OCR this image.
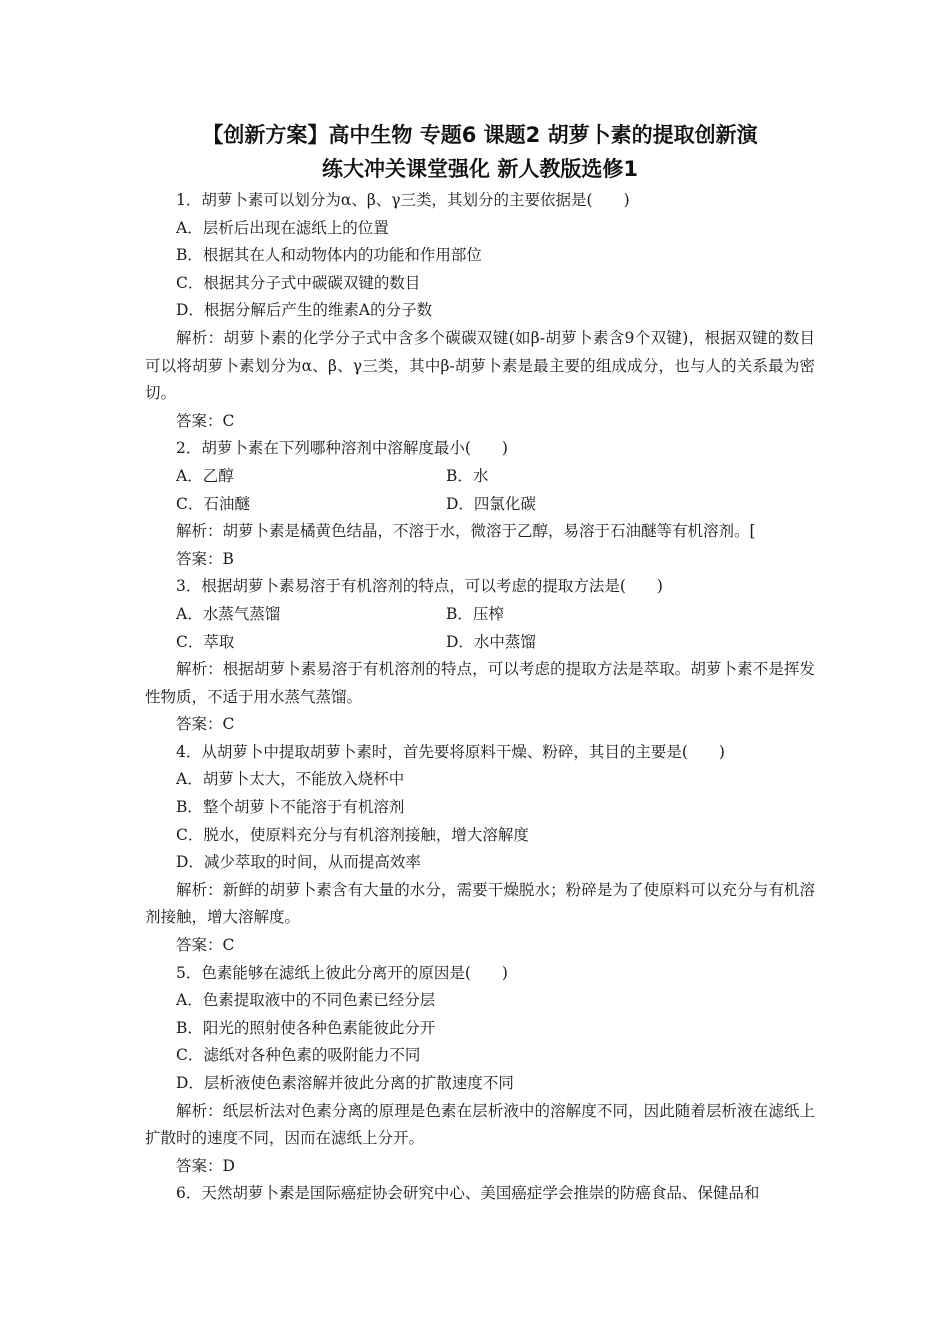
【创新方案】高中生物 专题6 课题2 胡萝卜素的提取创新演
练大冲关课堂强化 新人教版选修1

1．胡萝卜素可以划分为α、β、γ三类，其划分的主要依据是(　　)

A．层析后出现在滤纸上的位置

B．根据其在人和动物体内的功能和作用部位

C．根据其分子式中碳碳双键的数目

D．根据分解后产生的维素A的分子数

解析：胡萝卜素的化学分子式中含多个碳碳双键(如β-胡萝卜素含9个双键)，根据双键的数目可以将胡萝卜素划分为α、β、γ三类，其中β-胡萝卜素是最主要的组成成分，也与人的关系最为密切。

答案：C

2．胡萝卜素在下列哪种溶剂中溶解度最小(　　)

A．乙醇	B．水
C．石油醚	D．四氯化碳

解析：胡萝卜素是橘黄色结晶，不溶于水，微溶于乙醇，易溶于石油醚等有机溶剂。[

答案：B

3．根据胡萝卜素易溶于有机溶剂的特点，可以考虑的提取方法是(　　)

A．水蒸气蒸馏	B．压榨
C．萃取	D．水中蒸馏

解析：根据胡萝卜素易溶于有机溶剂的特点，可以考虑的提取方法是萃取。胡萝卜素不是挥发性物质，不适于用水蒸气蒸馏。

答案：C

4．从胡萝卜中提取胡萝卜素时，首先要将原料干燥、粉碎，其目的主要是(　　)

A．胡萝卜太大，不能放入烧杯中

B．整个胡萝卜不能溶于有机溶剂

C．脱水，使原料充分与有机溶剂接触，增大溶解度

D．减少萃取的时间，从而提高效率

解析：新鲜的胡萝卜素含有大量的水分，需要干燥脱水；粉碎是为了使原料可以充分与有机溶剂接触，增大溶解度。

答案：C

5．色素能够在滤纸上彼此分离开的原因是(　　)

A．色素提取液中的不同色素已经分层

B．阳光的照射使各种色素能彼此分开

C．滤纸对各种色素的吸附能力不同

D．层析液使色素溶解并彼此分离的扩散速度不同

解析：纸层析法对色素分离的原理是色素在层析液中的溶解度不同，因此随着层析液在滤纸上扩散时的速度不同，因而在滤纸上分开。

答案：D

6．天然胡萝卜素是国际癌症协会研究中心、美国癌症学会推崇的防癌食品、保健品和
